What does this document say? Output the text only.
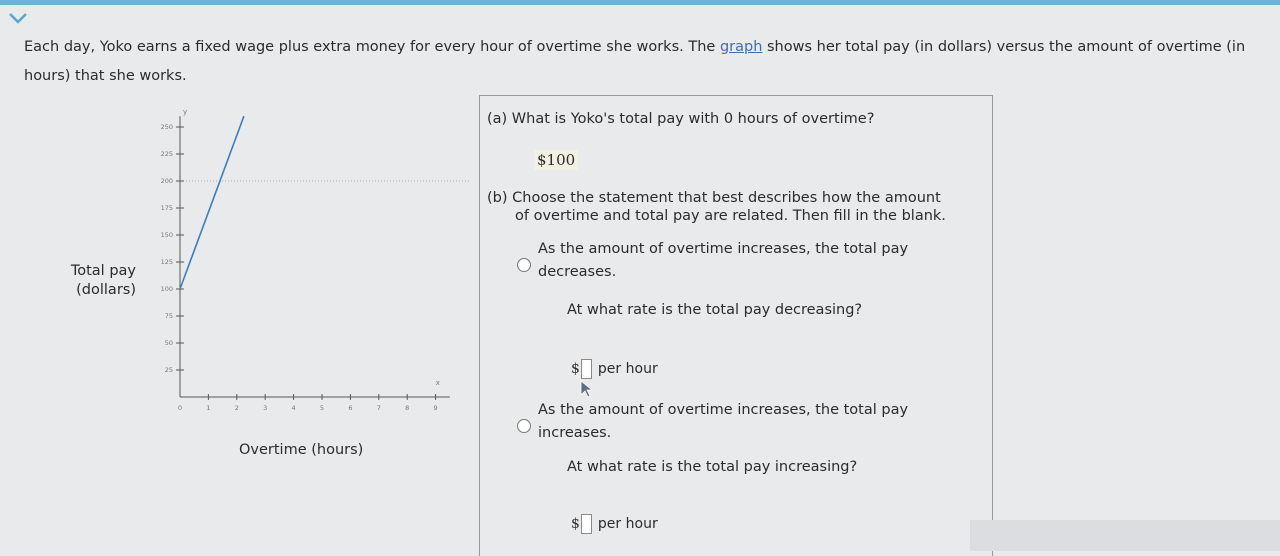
Each day, Yoko earns a fixed wage plus extra money for every hour of overtime she works. The graph shows her total pay (in dollars) versus the amount of overtime (in hours) that she works.
Total pay
(dollars)
25
50
75
100
125
150
175
200
225
250
0	1	2	3	4	5	6	7	8	9
y
x
Overtime (hours)
(a) What is Yoko's total pay with 0 hours of overtime?
$100
(b) Choose the statement that best describes how the amount
of overtime and total pay are related. Then fill in the blank.
As the amount of overtime increases, the total pay
decreases.
At what rate is the total pay decreasing?
$ per hour
As the amount of overtime increases, the total pay
increases.
At what rate is the total pay increasing?
$ per hour
